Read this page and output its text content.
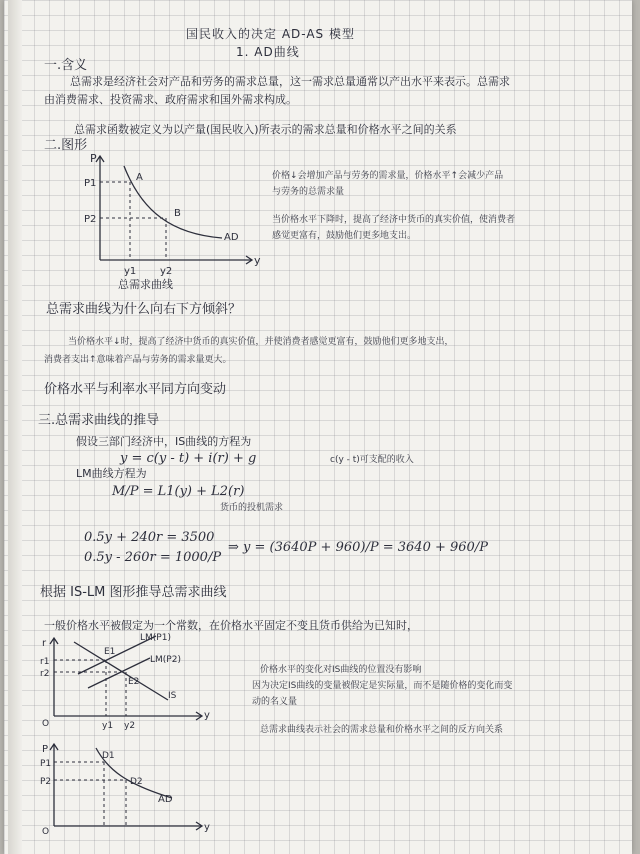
国民收入的决定 AD-AS 模型
1. AD曲线
一.含义
总需求是经济社会对产品和劳务的需求总量，这一需求总量通常以产出水平来表示。总需求
由消费需求、投资需求、政府需求和国外需求构成。
总需求函数被定义为以产量(国民收入)所表示的需求总量和价格水平之间的关系
二.图形
P
y
P1
P2
y1 y2
A
B
AD
总需求曲线
价格↓会增加产品与劳务的需求量，价格水平↑会减少产品
与劳务的总需求量
当价格水平下降时，提高了经济中货币的真实价值，使消费者
感觉更富有，鼓励他们更多地支出。
总需求曲线为什么向右下方倾斜？
当价格水平↓时，提高了经济中货币的真实价值，并使消费者感觉更富有，鼓励他们更多地支出，
消费者支出↑意味着产品与劳务的需求量更大。
价格水平与利率水平同方向变动
三.总需求曲线的推导
假设三部门经济中，IS曲线的方程为
y = c(y - t) + i(r) + g	c(y - t)可支配的收入
LM曲线方程为
M/P = L1(y) + L2(r)
货币的投机需求
0.5y + 240r = 3500
0.5y - 260r = 1000/P
⇒ y = (3640P + 960)/P = 3640 + 960/P
根据 IS-LM 图形推导总需求曲线
一般价格水平被假定为一个常数，在价格水平固定不变且货币供给为已知时，
r
y
r1
r2
y1 y2
LM(P1)
LM(P2)
IS
E1
E2
O
价格水平的变化对IS曲线的位置没有影响
因为决定IS曲线的变量被假定是实际量，而不是随价格的变化而变
动的名义量
总需求曲线表示社会的需求总量和价格水平之间的反方向关系
P
y
P1
P2
D1
D2
AD
O
